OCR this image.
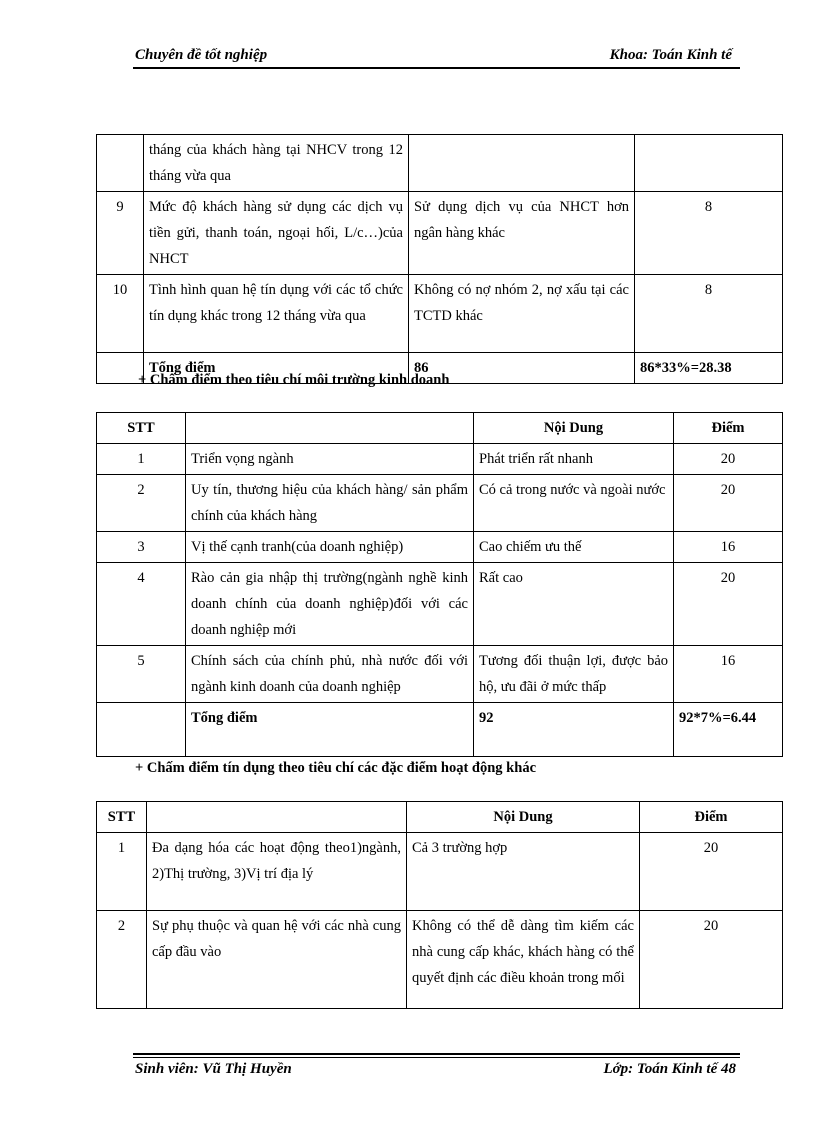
Chuyên đề tốt nghiệp	Khoa: Toán Kinh tế
	tháng của khách hàng tại NHCV trong 12 tháng vừa qua		
9	Mức độ khách hàng sử dụng các dịch vụ tiền gửi, thanh toán, ngoại hối, L/c…)của NHCT	Sử dụng dịch vụ của NHCT hơn ngân hàng khác	8
10	Tình hình quan hệ tín dụng với các tổ chức tín dụng khác trong 12 tháng vừa qua	Không có nợ nhóm 2, nợ xấu tại các TCTD khác	8
	Tổng điểm	86	86*33%=28.38
+ Chấm điểm theo tiêu chí môi trường kinh doanh
STT		Nội Dung	Điểm
1	Triển vọng ngành	Phát triển rất nhanh	20
2	Uy tín, thương hiệu của khách hàng/ sản phẩm chính của khách hàng	Có cả trong nước và ngoài nước	20
3	Vị thế cạnh tranh(của doanh nghiệp)	Cao chiếm ưu thế	16
4	Rào cản gia nhập thị trường(ngành nghề kinh doanh chính của doanh nghiệp)đối với các doanh nghiệp mới	Rất cao	20
5	Chính sách của chính phủ, nhà nước đối với ngành kinh doanh của doanh nghiệp	Tương đối thuận lợi, được bảo hộ, ưu đãi ở mức thấp	16
	Tổng điểm	92	92*7%=6.44
+ Chấm điểm tín dụng theo tiêu chí các đặc điểm hoạt động khác
STT		Nội Dung	Điểm
1	Đa dạng hóa các hoạt động theo1)ngành, 2)Thị trường, 3)Vị trí địa lý	Cả 3 trường hợp	20
2	Sự phụ thuộc và quan hệ với các nhà cung cấp đầu vào	Không có thể dễ dàng tìm kiếm các nhà cung cấp khác, khách hàng có thể quyết định các điều khoản trong mối	20
Sinh viên: Vũ Thị Huyền	Lớp: Toán Kinh tế 48
